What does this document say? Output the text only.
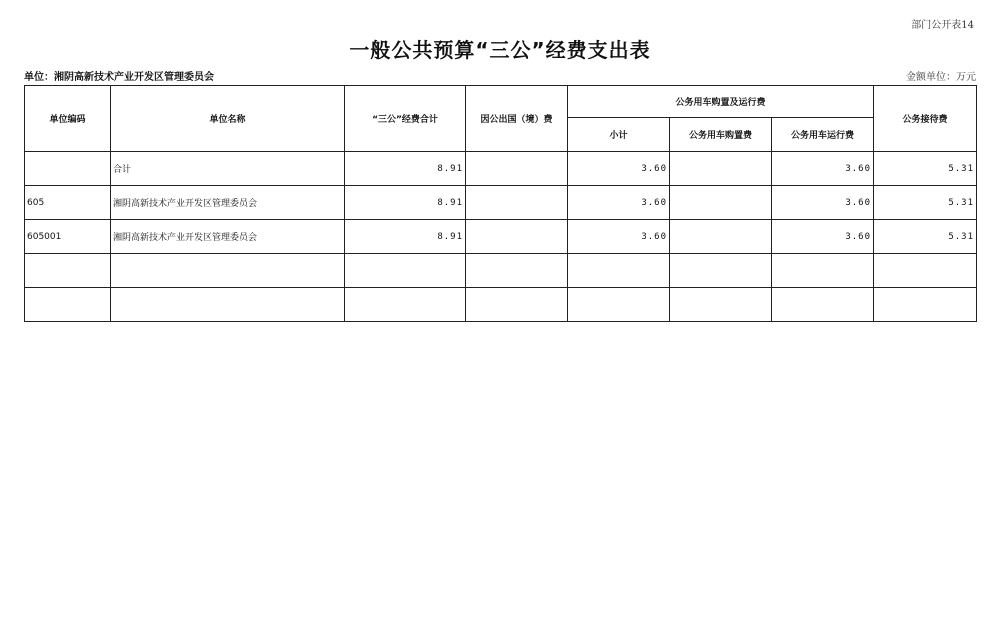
部门公开表14
一般公共预算“三公”经费支出表
单位：湘阴高新技术产业开发区管理委员会	金额单位：万元
单位编码	单位名称	“三公”经费合计	因公出国（境）费	公务用车购置及运行费			公务接待费
				小计	公务用车购置费	公务用车运行费	
	合计	8.91		3.60		3.60	5.31
605	湘阴高新技术产业开发区管理委员会	8.91		3.60		3.60	5.31
605001	湘阴高新技术产业开发区管理委员会	8.91		3.60		3.60	5.31
